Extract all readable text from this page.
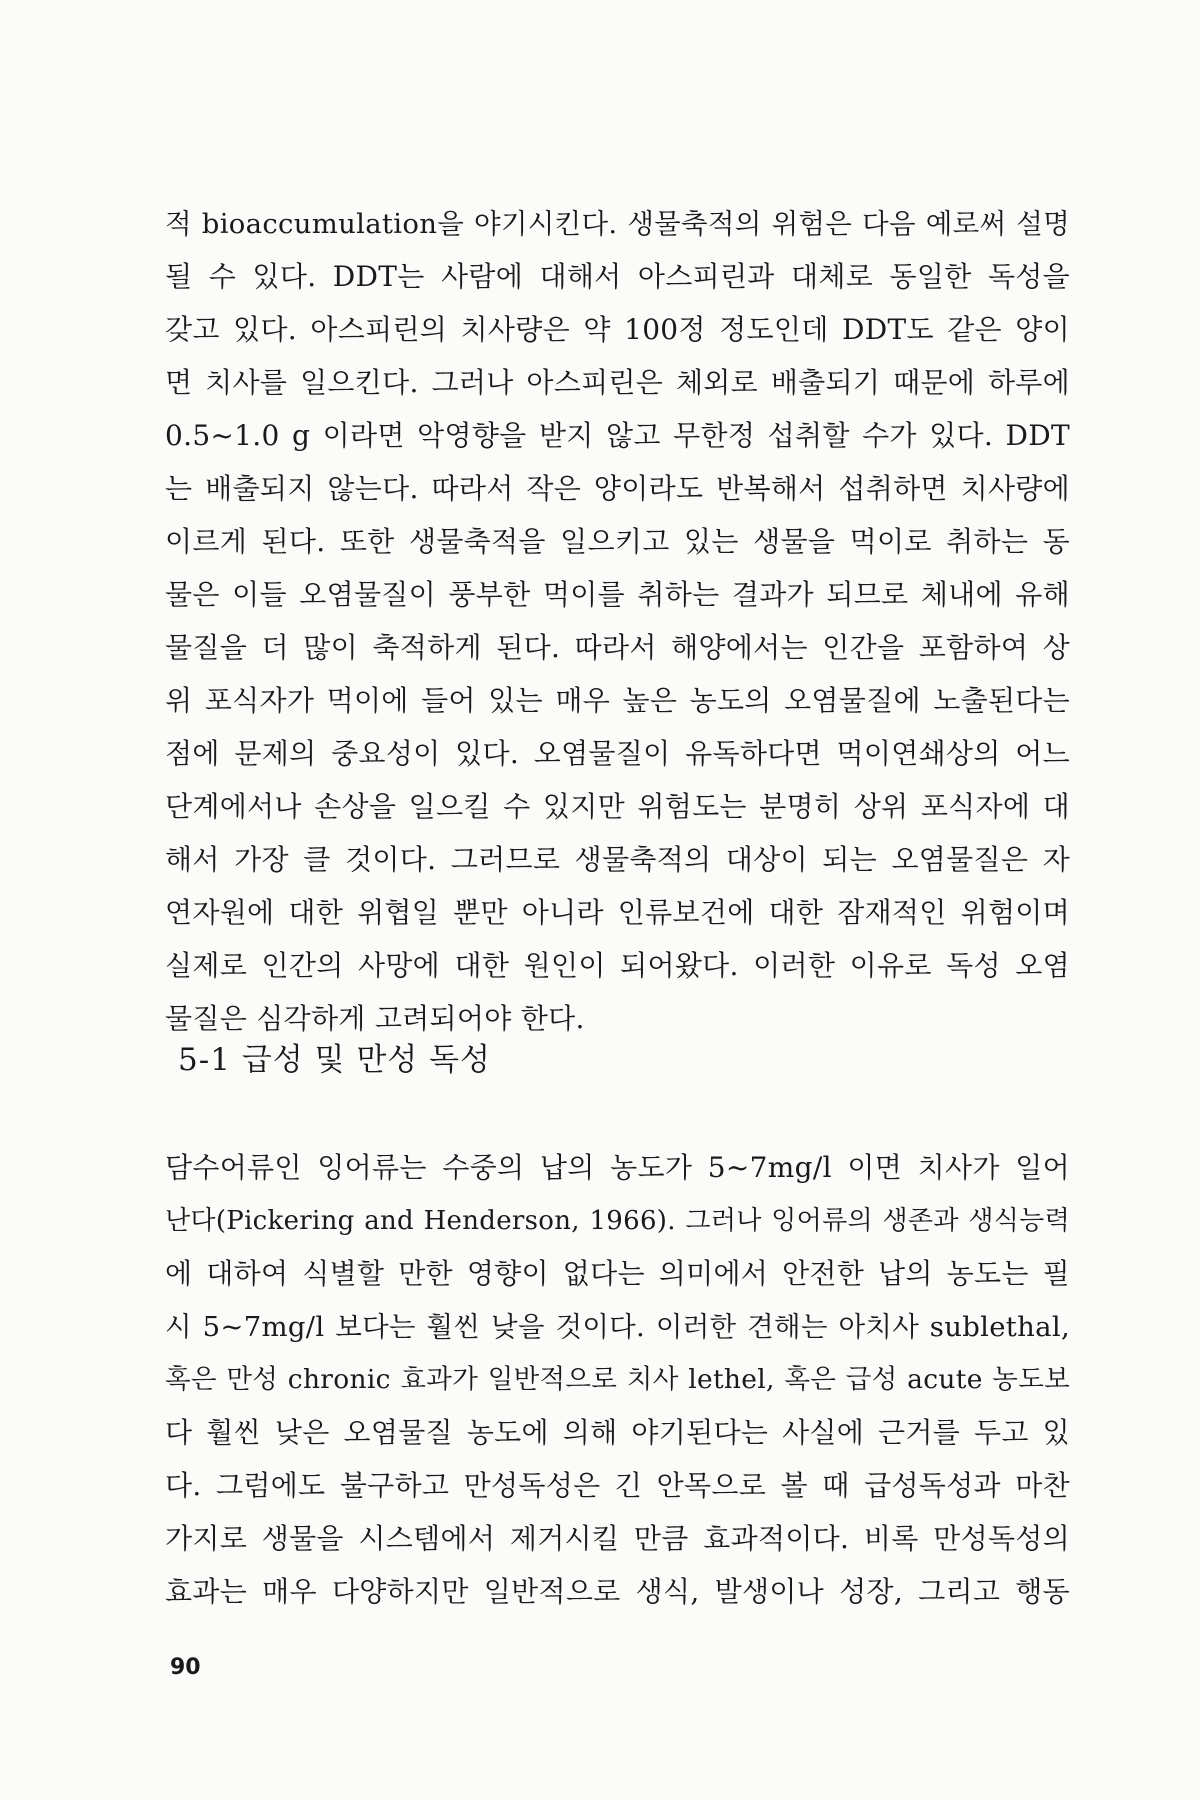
적 bioaccumulation을 야기시킨다. 생물축적의 위험은 다음 예로써 설명
될 수 있다. DDT는 사람에 대해서 아스피린과 대체로 동일한 독성을
갖고 있다. 아스피린의 치사량은 약 100정 정도인데 DDT도 같은 양이
면 치사를 일으킨다. 그러나 아스피린은 체외로 배출되기 때문에 하루에
0.5~1.0 g 이라면 악영향을 받지 않고 무한정 섭취할 수가 있다. DDT
는 배출되지 않는다. 따라서 작은 양이라도 반복해서 섭취하면 치사량에
이르게 된다. 또한 생물축적을 일으키고 있는 생물을 먹이로 취하는 동
물은 이들 오염물질이 풍부한 먹이를 취하는 결과가 되므로 체내에 유해
물질을 더 많이 축적하게 된다. 따라서 해양에서는 인간을 포함하여 상
위 포식자가 먹이에 들어 있는 매우 높은 농도의 오염물질에 노출된다는
점에 문제의 중요성이 있다. 오염물질이 유독하다면 먹이연쇄상의 어느
단계에서나 손상을 일으킬 수 있지만 위험도는 분명히 상위 포식자에 대
해서 가장 클 것이다. 그러므로 생물축적의 대상이 되는 오염물질은 자
연자원에 대한 위협일 뿐만 아니라 인류보건에 대한 잠재적인 위험이며
실제로 인간의 사망에 대한 원인이 되어왔다. 이러한 이유로 독성 오염
물질은 심각하게 고려되어야 한다.
5-1 급성 및 만성 독성
담수어류인 잉어류는 수중의 납의 농도가 5~7mg/l 이면 치사가 일어
난다(Pickering and Henderson, 1966). 그러나 잉어류의 생존과 생식능력
에 대하여 식별할 만한 영향이 없다는 의미에서 안전한 납의 농도는 필
시 5~7mg/l 보다는 훨씬 낮을 것이다. 이러한 견해는 아치사 sublethal,
혹은 만성 chronic 효과가 일반적으로 치사 lethel, 혹은 급성 acute 농도보
다 훨씬 낮은 오염물질 농도에 의해 야기된다는 사실에 근거를 두고 있
다. 그럼에도 불구하고 만성독성은 긴 안목으로 볼 때 급성독성과 마찬
가지로 생물을 시스템에서 제거시킬 만큼 효과적이다. 비록 만성독성의
효과는 매우 다양하지만 일반적으로 생식, 발생이나 성장, 그리고 행동
90
